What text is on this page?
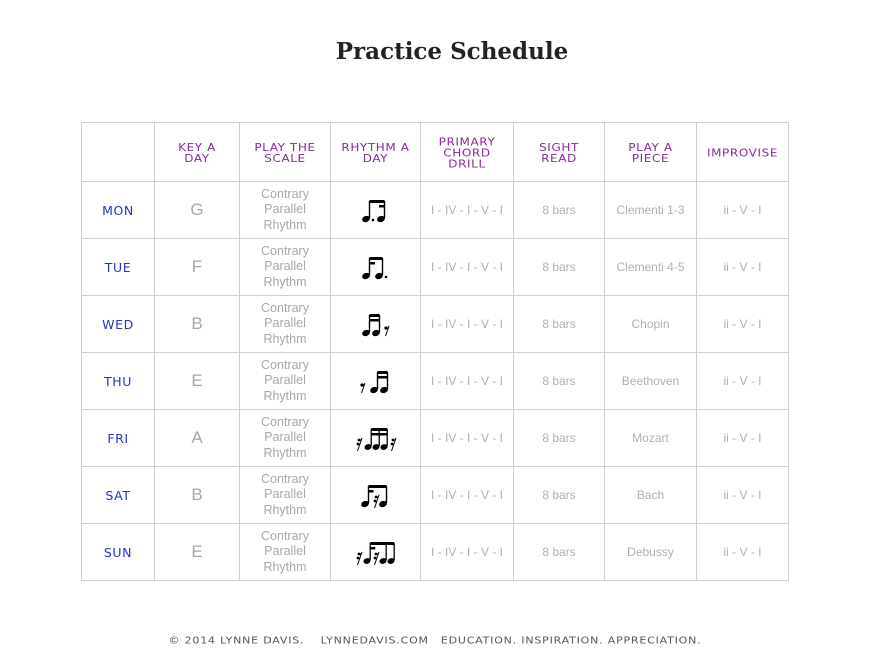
Practice Schedule

	KEY A DAY	PLAY THE SCALE	RHYTHM A DAY	PRIMARY CHORD DRILL	SIGHT READ	PLAY A PIECE	IMPROVISE
MON	G	Contrary
Parallel
Rhythm		I - IV - I - V - I	8 bars	Clementi 1-3	ii - V - I
TUE	F	Contrary
Parallel
Rhythm		I - IV - I - V - I	8 bars	Clementi 4-5	ii - V - I
WED	B	Contrary
Parallel
Rhythm		I - IV - I - V - I	8 bars	Chopin	ii - V - I
THU	E	Contrary
Parallel
Rhythm		I - IV - I - V - I	8 bars	Beethoven	ii - V - I
FRI	A	Contrary
Parallel
Rhythm		I - IV - I - V - I	8 bars	Mozart	ii - V - I
SAT	B	Contrary
Parallel
Rhythm		I - IV - I - V - I	8 bars	Bach	ii - V - I
SUN	E	Contrary
Parallel
Rhythm		I - IV - I - V - I	8 bars	Debussy	ii - V - I
© 2014 LYNNE DAVIS. LYNNEDAVIS.COM EDUCATION. INSPIRATION. APPRECIATION.
